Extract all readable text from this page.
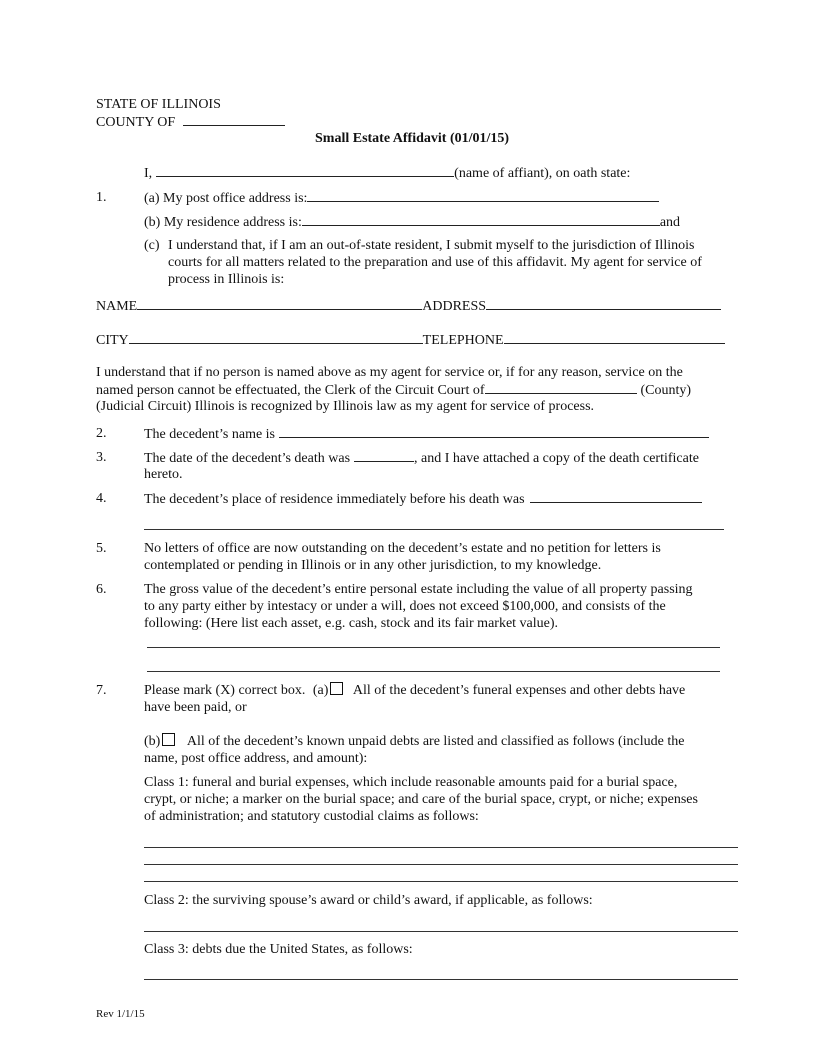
STATE OF ILLINOIS
COUNTY OF
Small Estate Affidavit (01/01/15)
I,	(name of affiant), on oath state:
1.	(a) My post office address is:
(b) My residence address is:	and
(c) I understand that, if I am an out-of-state resident, I submit myself to the jurisdiction of Illinois
courts for all matters related to the preparation and use of this affidavit. My agent for service of
process in Illinois is:
NAME	ADDRESS
CITY	TELEPHONE
I understand that if no person is named above as my agent for service or, if for any reason, service on the
named person cannot be effectuated, the Clerk of the Circuit Court of	(County)
(Judicial Circuit) Illinois is recognized by Illinois law as my agent for service of process.
2.	The decedent’s name is
3.	The date of the decedent’s death was	, and I have attached a copy of the death certificate
hereto.
4.	The decedent’s place of residence immediately before his death was
5.	No letters of office are now outstanding on the decedent’s estate and no petition for letters is
contemplated or pending in Illinois or in any other jurisdiction, to my knowledge.
6.	The gross value of the decedent’s entire personal estate including the value of all property passing
to any party either by intestacy or under a will, does not exceed $100,000, and consists of the
following: (Here list each asset, e.g. cash, stock and its fair market value).
7.	Please mark (X) correct box. (a) All of the decedent’s funeral expenses and other debts have
have been paid, or
(b) All of the decedent’s known unpaid debts are listed and classified as follows (include the
name, post office address, and amount):
Class 1: funeral and burial expenses, which include reasonable amounts paid for a burial space,
crypt, or niche; a marker on the burial space; and care of the burial space, crypt, or niche; expenses
of administration; and statutory custodial claims as follows:
Class 2: the surviving spouse’s award or child’s award, if applicable, as follows:
Class 3: debts due the United States, as follows:
Rev 1/1/15
